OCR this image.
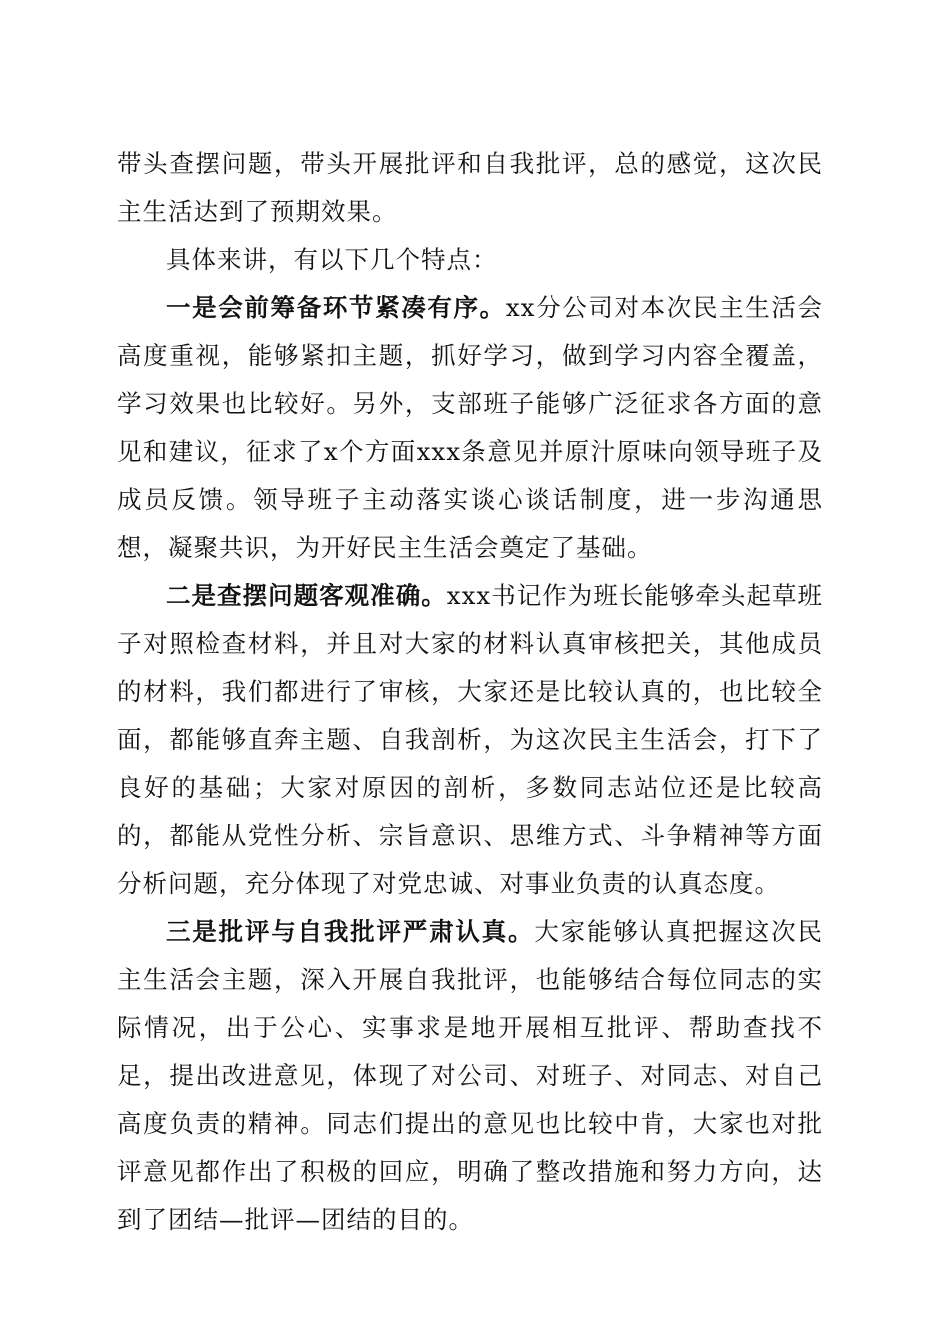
带头查摆问题，带头开展批评和自我批评，总的感觉，这次民主生活达到了预期效果。

具体来讲，有以下几个特点：

一是会前筹备环节紧凑有序。xx分公司对本次民主生活会高度重视，能够紧扣主题，抓好学习，做到学习内容全覆盖，学习效果也比较好。另外，支部班子能够广泛征求各方面的意见和建议，征求了x个方面xxx条意见并原汁原味向领导班子及成员反馈。领导班子主动落实谈心谈话制度，进一步沟通思想，凝聚共识，为开好民主生活会奠定了基础。

二是查摆问题客观准确。xxx书记作为班长能够牵头起草班子对照检查材料，并且对大家的材料认真审核把关，其他成员的材料，我们都进行了审核，大家还是比较认真的，也比较全面，都能够直奔主题、自我剖析，为这次民主生活会，打下了良好的基础；大家对原因的剖析，多数同志站位还是比较高的，都能从党性分析、宗旨意识、思维方式、斗争精神等方面分析问题，充分体现了对党忠诚、对事业负责的认真态度。

三是批评与自我批评严肃认真。大家能够认真把握这次民主生活会主题，深入开展自我批评，也能够结合每位同志的实际情况，出于公心、实事求是地开展相互批评、帮助查找不足，提出改进意见，体现了对公司、对班子、对同志、对自己高度负责的精神。同志们提出的意见也比较中肯，大家也对批评意见都作出了积极的回应，明确了整改措施和努力方向，达到了团结—批评—团结的目的。
